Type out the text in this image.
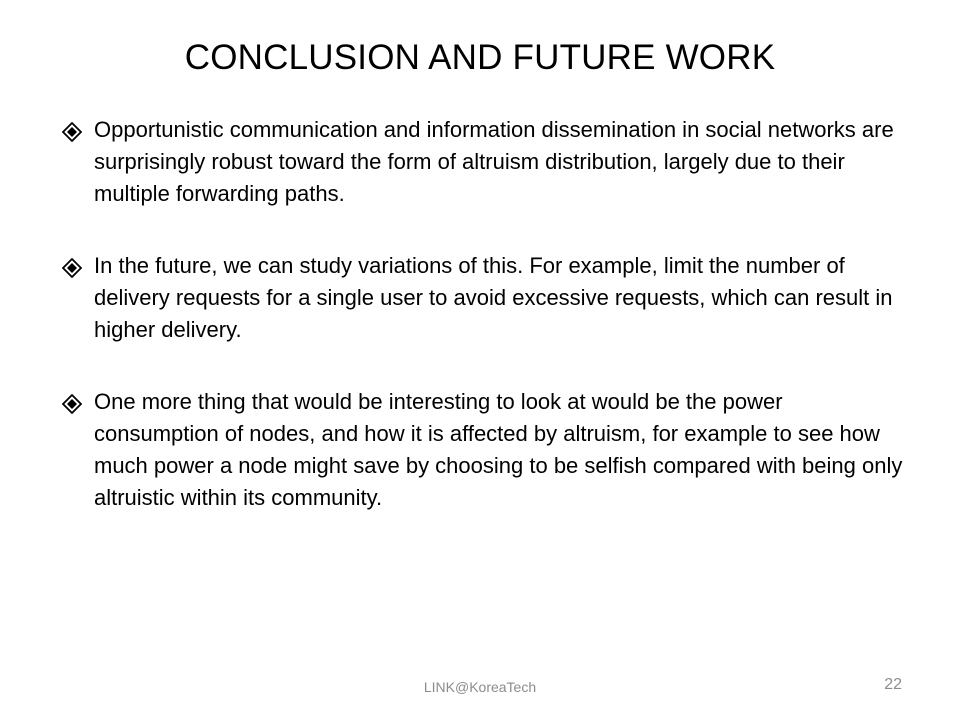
CONCLUSION AND FUTURE WORK
Opportunistic communication and information dissemination in social networks are surprisingly robust toward the form of altruism distribution, largely due to their multiple forwarding paths.
In the future, we can study variations of this. For example, limit the number of delivery requests for a single user to avoid excessive requests, which can result in higher delivery.
One more thing that would be interesting to look at would be the power consumption of nodes, and how it is affected by altruism, for example to see how much power a node might save by choosing to be selfish compared with being only altruistic within its community.
LINK@KoreaTech	22
